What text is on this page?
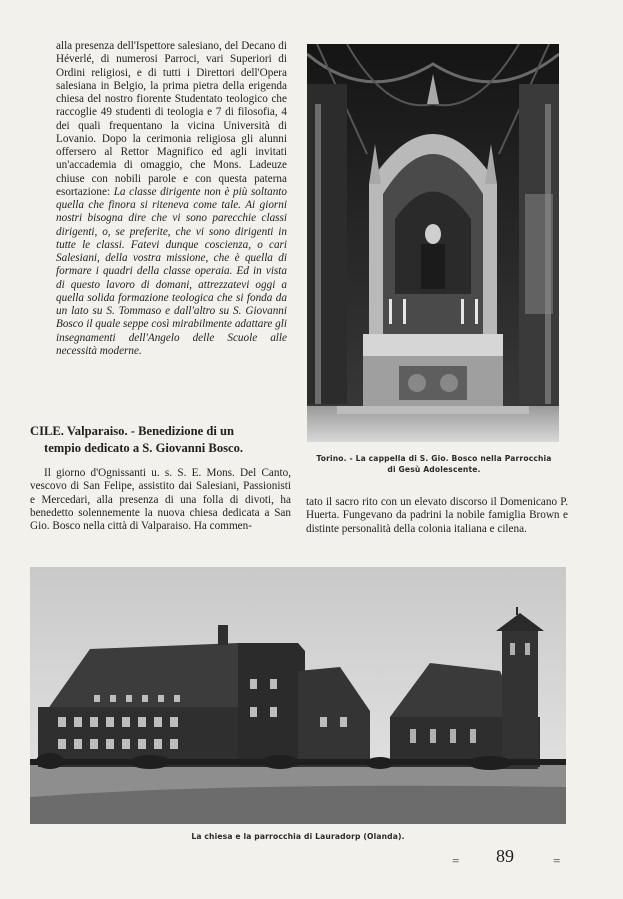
alla presenza dell'Ispettore salesiano, del Decano di Héverlé, di numerosi Parroci, vari Superiori di Ordini religiosi, e di tutti i Direttori dell'Opera salesiana in Belgio, la prima pietra della erigenda chiesa del nostro fiorente Studentato teologico che raccoglie 49 studenti di teologia e 7 di filosofia, 4 dei quali frequentano la vicina Università di Lovanio. Dopo la cerimonia religiosa gli alunni offersero al Rettor Magnifico ed agli invitati un'accademia di omaggio, che Mons. Ladeuze chiuse con nobili parole e con questa paterna esortazione: La classe dirigente non è più soltanto quella che finora si riteneva come tale. Ai giorni nostri bisogna dire che vi sono parecchie classi dirigenti, o, se preferite, che vi sono dirigenti in tutte le classi. Fatevi dunque coscienza, o cari Salesiani, della vostra missione, che è quella di formare i quadri della classe operaia. Ed in vista di questo lavoro di domani, attrezzatevi oggi a quella solida formazione teologica che si fonda da un lato su S. Tommaso e dall'altro su S. Giovanni Bosco il quale seppe così mirabilmente adattare gli insegnamenti dell'Angelo delle Scuole alle necessità moderne.

CILE. Valparaiso. - Benedizione di un
tempio dedicato a S. Giovanni Bosco.
Il giorno d'Ognissanti u. s. S. E. Mons. Del Canto, vescovo di San Felipe, assistito dai Salesiani, Passionisti e Mercedari, alla presenza di una folla di divoti, ha benedetto solennemente la nuova chiesa dedicata a San Gio. Bosco nella città di Valparaiso. Ha commen-
tato il sacro rito con un elevato discorso il Domenicano P. Huerta. Fungevano da padrini la nobile famiglia Brown e distinte personalità della colonia italiana e cilena.
Torino. - La cappella di S. Gio. Bosco nella Parrocchia
di Gesù Adolescente.
La chiesa e la parrocchia di Lauradorp (Olanda).
= 89	=
